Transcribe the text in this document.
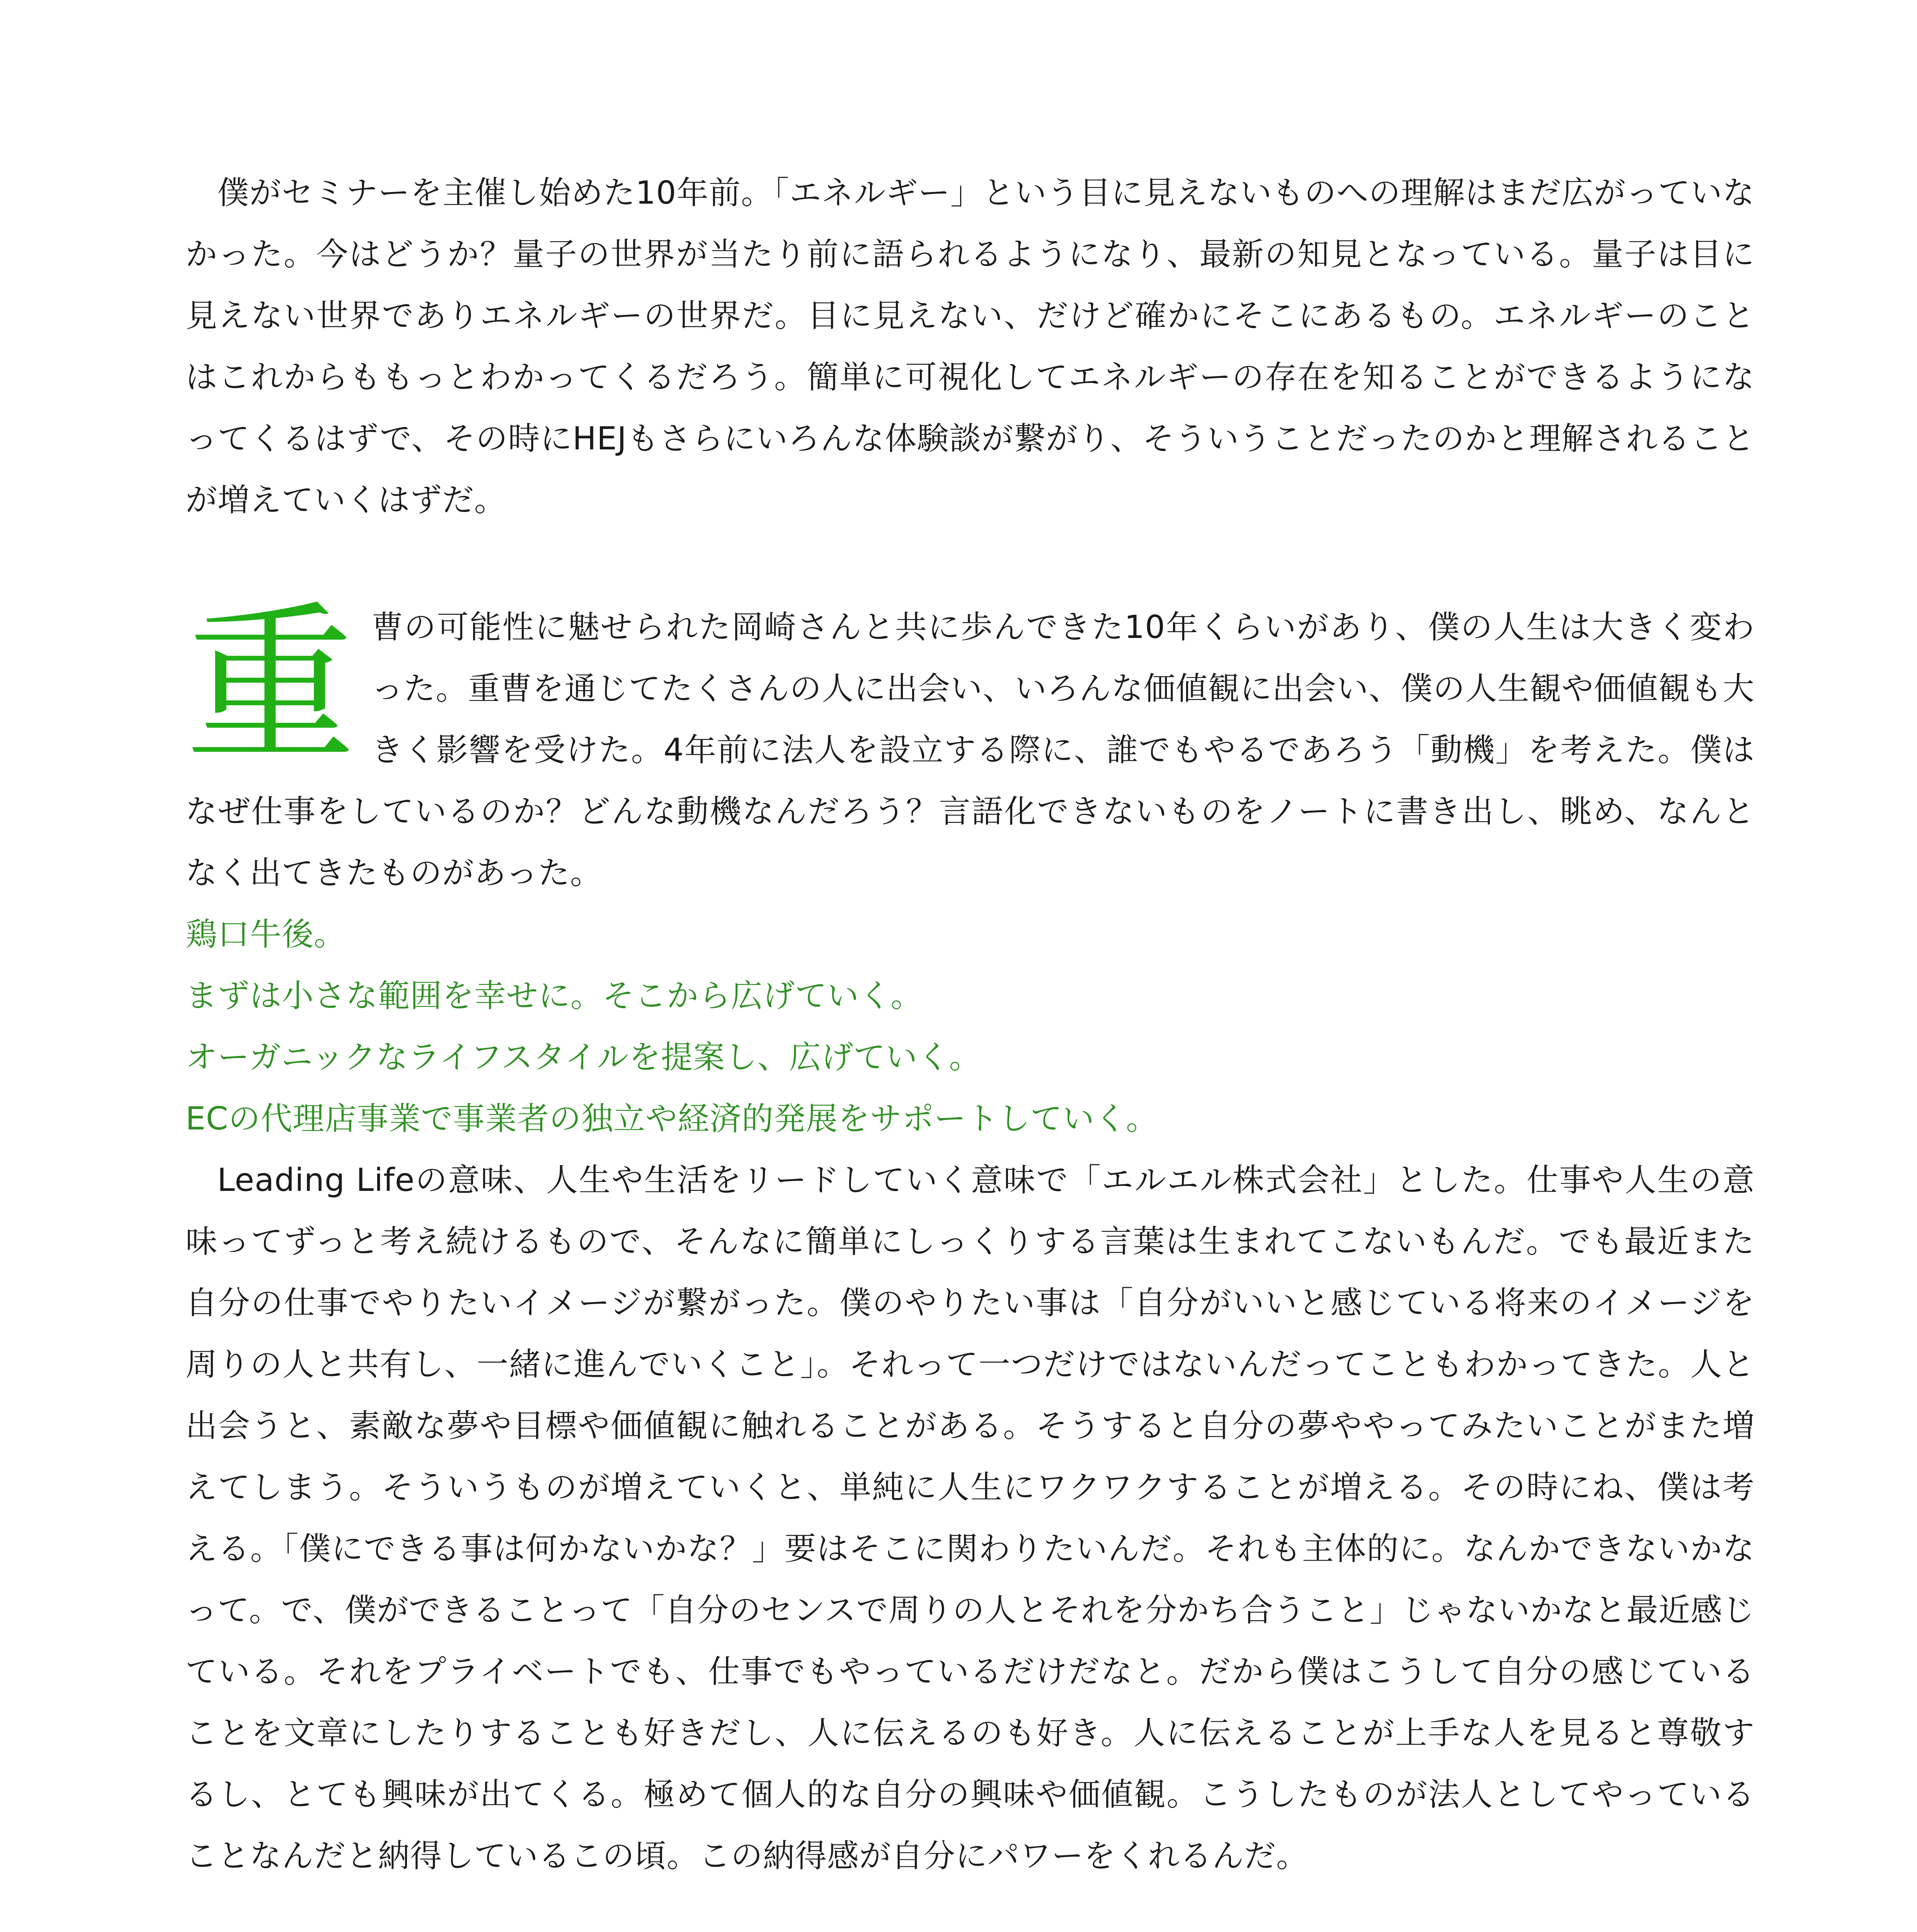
僕がセミナーを主催し始めた10年前。「エネルギー」という目に見えないものへの理解はまだ広がっていなかった。今はどうか？量子の世界が当たり前に語られるようになり、最新の知見となっている。量子は目に見えない世界でありエネルギーの世界だ。目に見えない、だけど確かにそこにあるもの。エネルギーのことはこれからももっとわかってくるだろう。簡単に可視化してエネルギーの存在を知ることができるようになってくるはずで、その時にHEJもさらにいろんな体験談が繋がり、そういうことだったのかと理解されることが増えていくはずだ。

重 曹の可能性に魅せられた岡崎さんと共に歩んできた10年くらいがあり、僕の人生は大きく変わった。重曹を通じてたくさんの人に出会い、いろんな価値観に出会い、僕の人生観や価値観も大きく影響を受けた。4年前に法人を設立する際に、誰でもやるであろう「動機」を考えた。僕はなぜ仕事をしているのか？どんな動機なんだろう？言語化できないものをノートに書き出し、眺め、なんとなく出てきたものがあった。

鶏口牛後。

まずは小さな範囲を幸せに。そこから広げていく。

オーガニックなライフスタイルを提案し、広げていく。

ECの代理店事業で事業者の独立や経済的発展をサポートしていく。

Leading Lifeの意味、人生や生活をリードしていく意味で「エルエル株式会社」とした。仕事や人生の意味ってずっと考え続けるもので、そんなに簡単にしっくりする言葉は生まれてこないもんだ。でも最近また自分の仕事でやりたいイメージが繋がった。僕のやりたい事は「自分がいいと感じている将来のイメージを周りの人と共有し、一緒に進んでいくこと」。それって一つだけではないんだってこともわかってきた。人と出会うと、素敵な夢や目標や価値観に触れることがある。そうすると自分の夢ややってみたいことがまた増えてしまう。そういうものが増えていくと、単純に人生にワクワクすることが増える。その時にね、僕は考える。「僕にできる事は何かないかな？」要はそこに関わりたいんだ。それも主体的に。なんかできないかなって。で、僕ができることって「自分のセンスで周りの人とそれを分かち合うこと」じゃないかなと最近感じている。それをプライベートでも、仕事でもやっているだけだなと。だから僕はこうして自分の感じていることを文章にしたりすることも好きだし、人に伝えるのも好き。人に伝えることが上手な人を見ると尊敬するし、とても興味が出てくる。極めて個人的な自分の興味や価値観。こうしたものが法人としてやっていることなんだと納得しているこの頃。この納得感が自分にパワーをくれるんだ。
